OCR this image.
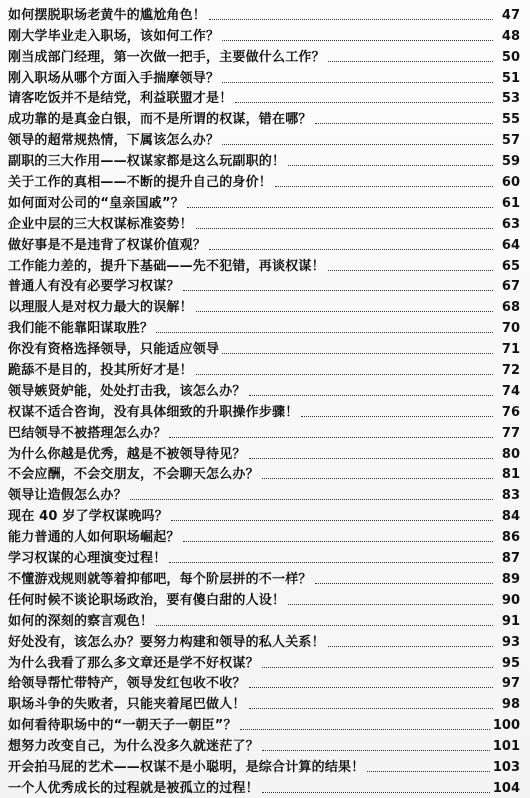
如何摆脱职场老黄牛的尴尬角色！	47
刚大学毕业走入职场，该如何工作？	48
刚当成部门经理，第一次做一把手，主要做什么工作？	50
刚入职场从哪个方面入手揣摩领导？	51
请客吃饭并不是结党，利益联盟才是！	53
成功靠的是真金白银，而不是所谓的权谋，错在哪？	55
领导的超常规热情，下属该怎么办？	57
副职的三大作用——权谋家都是这么玩副职的！	59
关于工作的真相——不断的提升自己的身价！	60
如何面对公司的“皇亲国戚”？	61
企业中层的三大权谋标准姿势！	63
做好事是不是违背了权谋价值观？	64
工作能力差的，提升下基础——先不犯错，再谈权谋！	65
普通人有没有必要学习权谋？	67
以理服人是对权力最大的误解！	68
我们能不能靠阳谋取胜？	70
你没有资格选择领导，只能适应领导	71
跪舔不是目的，投其所好才是！	72
领导嫉贤妒能，处处打击我，该怎么办？	74
权谋不适合咨询，没有具体细致的升职操作步骤！	76
巴结领导不被搭理怎么办？	77
为什么你越是优秀，越是不被领导待见？	80
不会应酬，不会交朋友，不会聊天怎么办？	81
领导让造假怎么办？	83
现在 40 岁了学权谋晚吗？	84
能力普通的人如何职场崛起？	86
学习权谋的心理演变过程！	87
不懂游戏规则就等着抑郁吧，每个阶层拼的不一样？	89
任何时候不谈论职场政治，要有傻白甜的人设！	90
如何的深刻的察言观色！	91
好处没有，该怎么办？要努力构建和领导的私人关系！	93
为什么我看了那么多文章还是学不好权谋？	95
给领导帮忙带特产，领导发红包收不收？	97
职场斗争的失败者，只能夹着尾巴做人！	98
如何看待职场中的“一朝天子一朝臣”？	100
想努力改变自己，为什么没多久就迷茫了？	101
开会拍马屁的艺术——权谋不是小聪明，是综合计算的结果！	103
一个人优秀成长的过程就是被孤立的过程！	104
